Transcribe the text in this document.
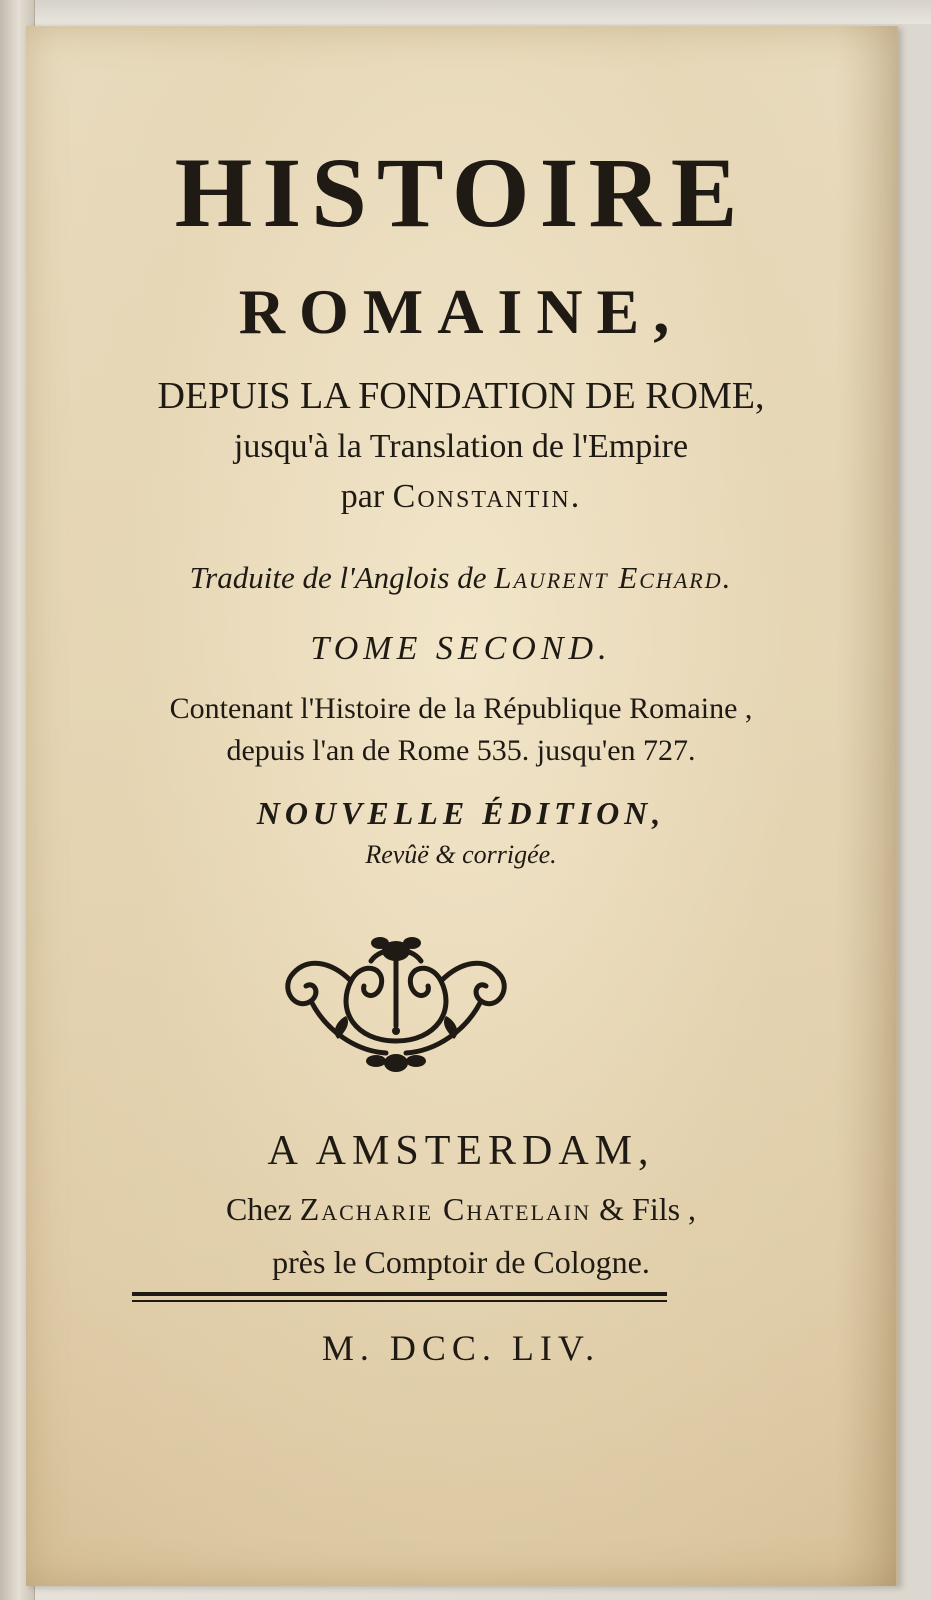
HISTOIRE

ROMAINE,

DEPUIS LA FONDATION DE ROME,

jusqu'à la Translation de l'Empire

par Constantin.

Traduite de l'Anglois de Laurent Echard.

TOME SECOND.

Contenant l'Histoire de la République Romaine ,

depuis l'an de Rome 535. jusqu'en 727.

NOUVELLE ÉDITION,

Revûë & corrigée.

A AMSTERDAM,

Chez Zacharie Chatelain & Fils ,

près le Comptoir de Cologne.

M. DCC. LIV.
